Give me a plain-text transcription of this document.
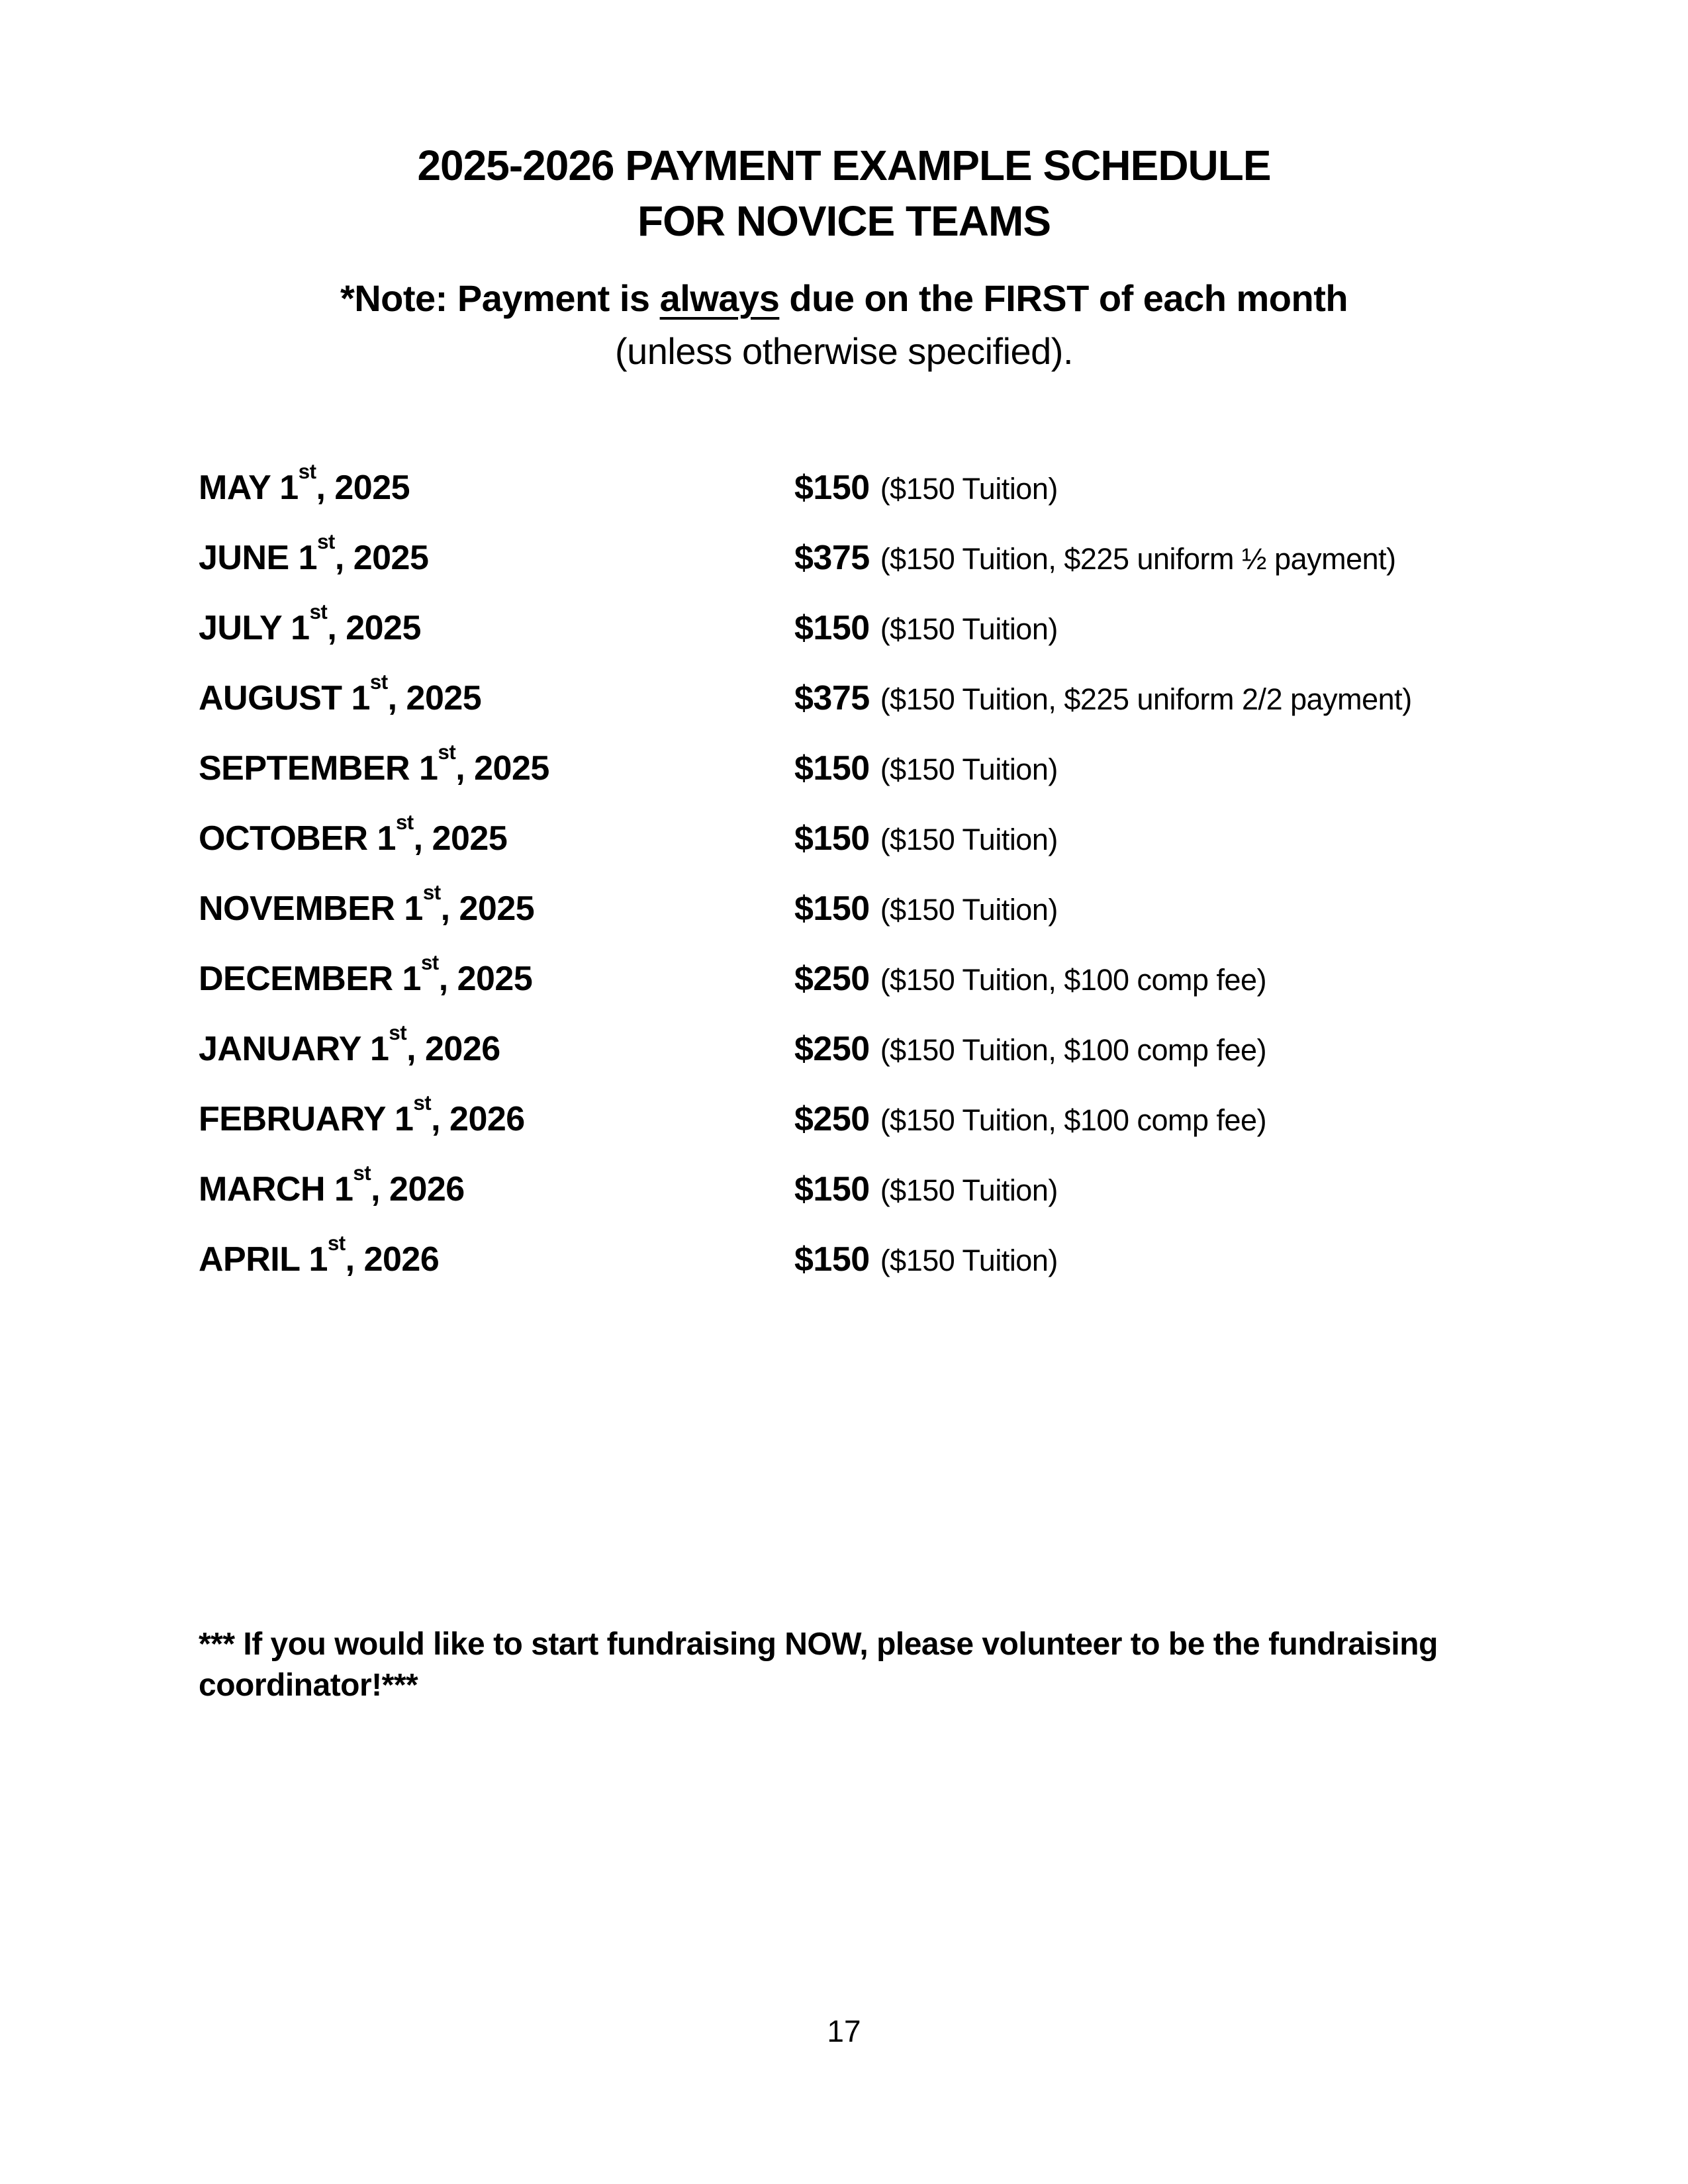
2025-2026 PAYMENT EXAMPLE SCHEDULE
FOR NOVICE TEAMS
*Note: Payment is always due on the FIRST of each month
(unless otherwise specified).
MAY 1st, 2025	$150 ($150 Tuition)
JUNE 1st, 2025	$375 ($150 Tuition, $225 uniform ½ payment)
JULY 1st, 2025	$150 ($150 Tuition)
AUGUST 1st, 2025	$375 ($150 Tuition, $225 uniform 2/2 payment)
SEPTEMBER 1st, 2025	$150 ($150 Tuition)
OCTOBER 1st, 2025	$150 ($150 Tuition)
NOVEMBER 1st, 2025	$150 ($150 Tuition)
DECEMBER 1st, 2025	$250 ($150 Tuition, $100 comp fee)
JANUARY 1st, 2026	$250 ($150 Tuition, $100 comp fee)
FEBRUARY 1st, 2026	$250 ($150 Tuition, $100 comp fee)
MARCH 1st, 2026	$150 ($150 Tuition)
APRIL 1st, 2026	$150 ($150 Tuition)
*** If you would like to start fundraising NOW, please volunteer to be the fundraising
coordinator!***
17
